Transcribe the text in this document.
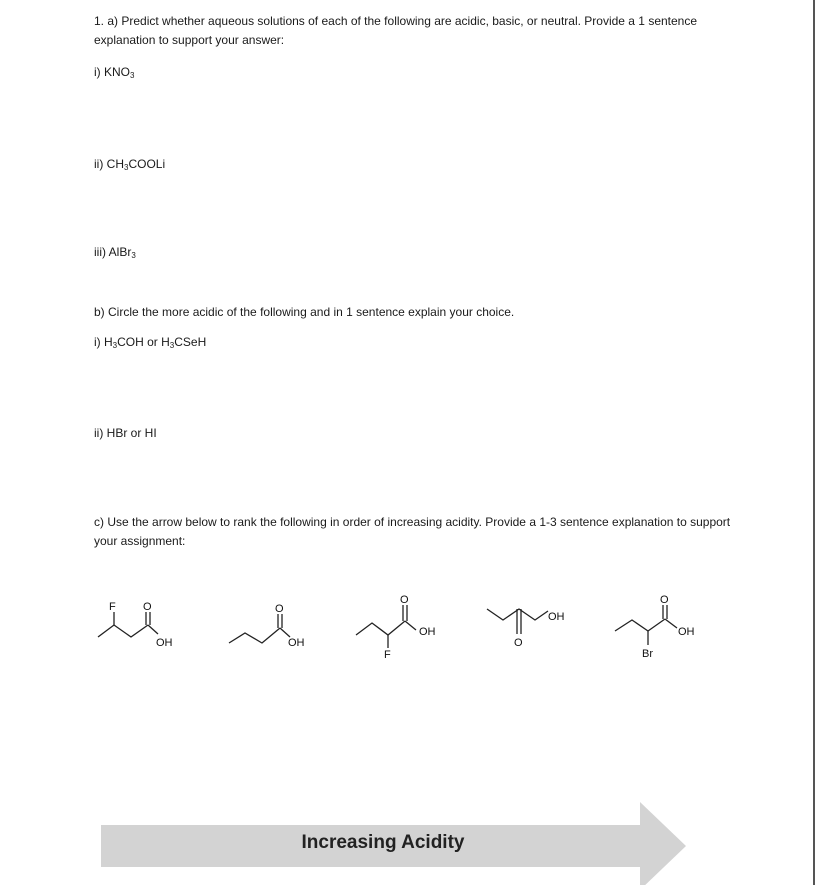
1. a) Predict whether aqueous solutions of each of the following are acidic, basic, or neutral. Provide a 1 sentence explanation to support your answer:
i) $KNO_3$
ii) $CH_3COOLi$
iii) AlBr$_3$
b) Circle the more acidic of the following and in 1 sentence explain your choice.
i) $H_3COH$ or $H_3CSeH$
ii) HBr or HI
c) Use the arrow below to rank the following in order of increasing acidity. Provide a 1-3 sentence explanation to support your assignment:
F O
OH
O
OH
O
OH
F
OH
O
O
OH
Br
Increasing Acidity
